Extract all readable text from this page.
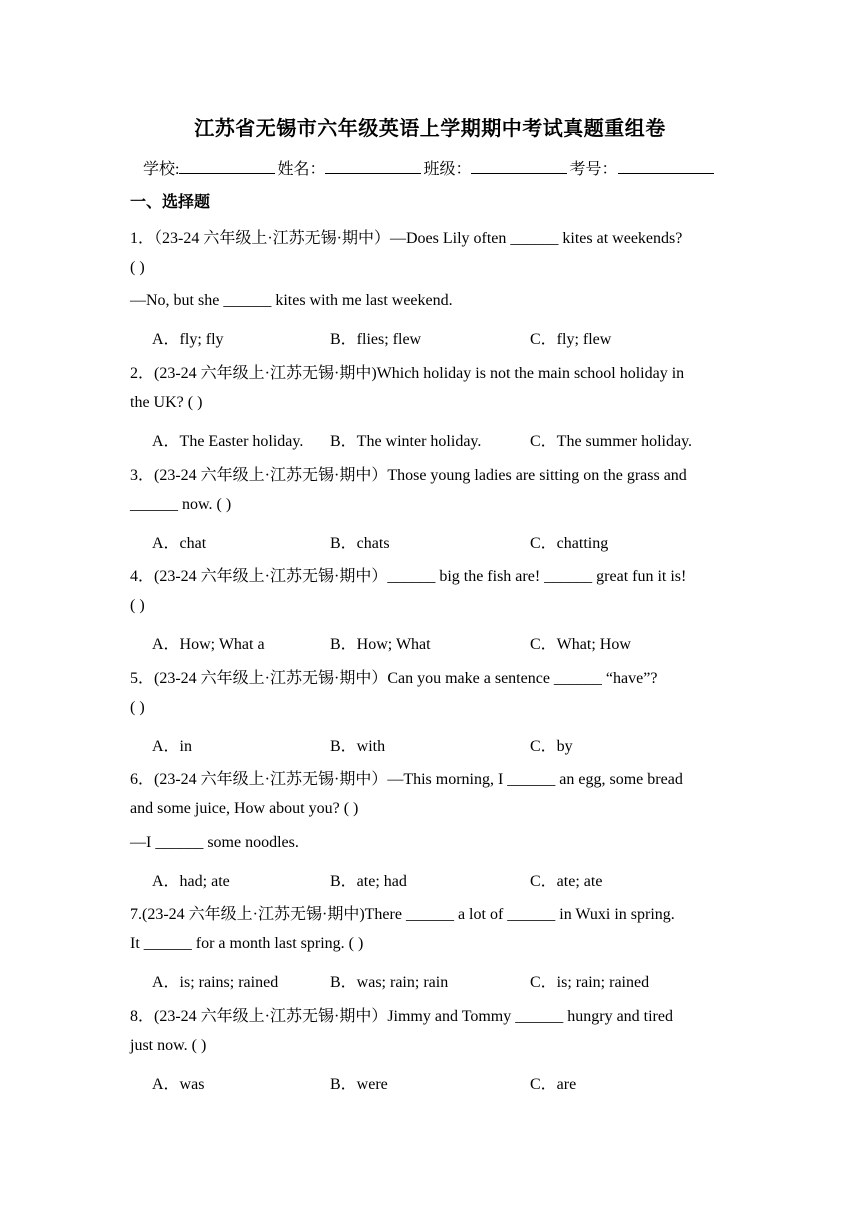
江苏省无锡市六年级英语上学期期中考试真题重组卷
学校:	姓名：	班级：	考号：
一、选择题
1．（23-24 六年级上·江苏无锡·期中）—Does Lily often ______ kites at weekends?
( )
—No, but she ______ kites with me last weekend.
A．fly; fly	B．flies; flew	C．fly; flew
2．(23-24 六年级上·江苏无锡·期中)Which holiday is not the main school holiday in
the UK? ( )
A．The Easter holiday. B．The winter holiday.	C．The summer holiday.
3．(23-24 六年级上·江苏无锡·期中）Those young ladies are sitting on the grass and
______ now. ( )
A．chat	B．chats	C．chatting
4．(23-24 六年级上·江苏无锡·期中）______ big the fish are! ______ great fun it is!
( )
A．How; What a	B．How; What	C．What; How
5．(23-24 六年级上·江苏无锡·期中）Can you make a sentence ______ “have”?
( )
A．in	B．with	C．by
6．(23-24 六年级上·江苏无锡·期中）—This morning, I ______ an egg, some bread
and some juice, How about you? ( )
—I ______ some noodles.
A．had; ate	B．ate; had	C．ate; ate
7.(23-24 六年级上·江苏无锡·期中)There ______ a lot of ______ in Wuxi in spring.
It ______ for a month last spring. ( )
A．is; rains; rained	B．was; rain; rain	C．is; rain; rained
8．(23-24 六年级上·江苏无锡·期中）Jimmy and Tommy ______ hungry and tired
just now. ( )
A．was	B．were	C．are
